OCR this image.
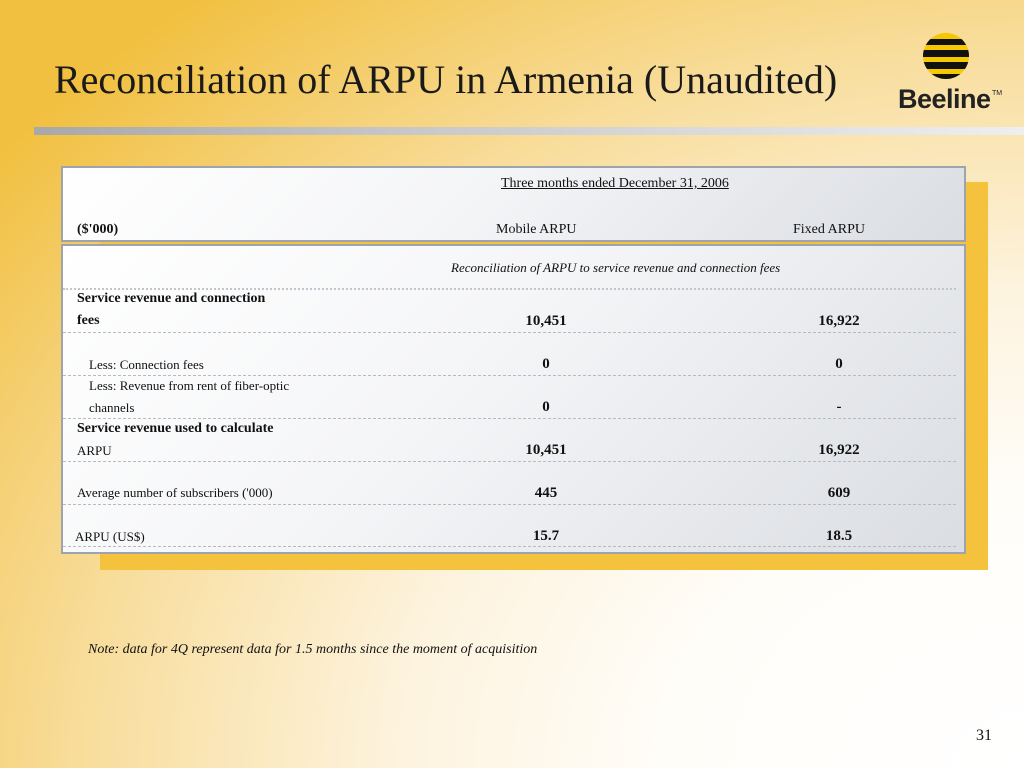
Reconciliation of ARPU in Armenia (Unaudited) Beeline TM
Three months ended December 31, 2006
($'000)	Mobile ARPU	Fixed ARPU
Reconciliation of ARPU to service revenue and connection fees
Service revenue and connection
fees	10,451	16,922
Less: Connection fees	0	0
Less: Revenue from rent of fiber-optic
channels	0	-
Service revenue used to calculate
ARPU	10,451	16,922
Average number of subscribers ('000)	445	609
ARPU (US$)	15.7	18.5
Note: data for 4Q represent data for 1.5 months since the moment of acquisition
31
